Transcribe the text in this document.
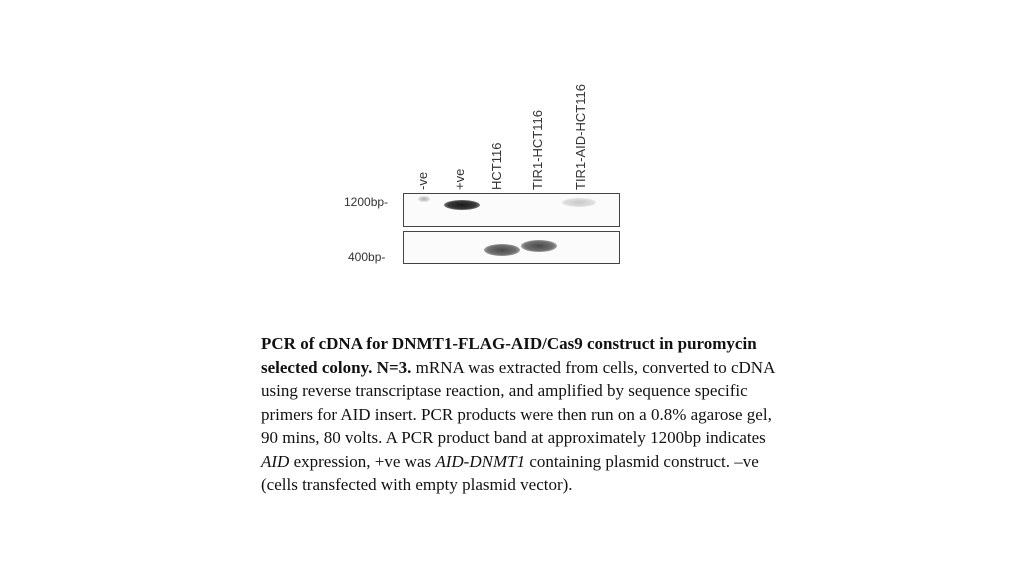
-ve +ve HCT116 TIR1-HCT116 TIR1-AID-HCT116
1200bp-
400bp-
PCR of cDNA for DNMT1-FLAG-AID/Cas9 construct in puromycin selected colony. N=3. mRNA was extracted from cells, converted to cDNA using reverse transcriptase reaction, and amplified by sequence specific primers for AID insert. PCR products were then run on a 0.8% agarose gel, 90 mins, 80 volts. A PCR product band at approximately 1200bp indicates AID expression, +ve was AID-DNMT1 containing plasmid construct. –ve (cells transfected with empty plasmid vector).
